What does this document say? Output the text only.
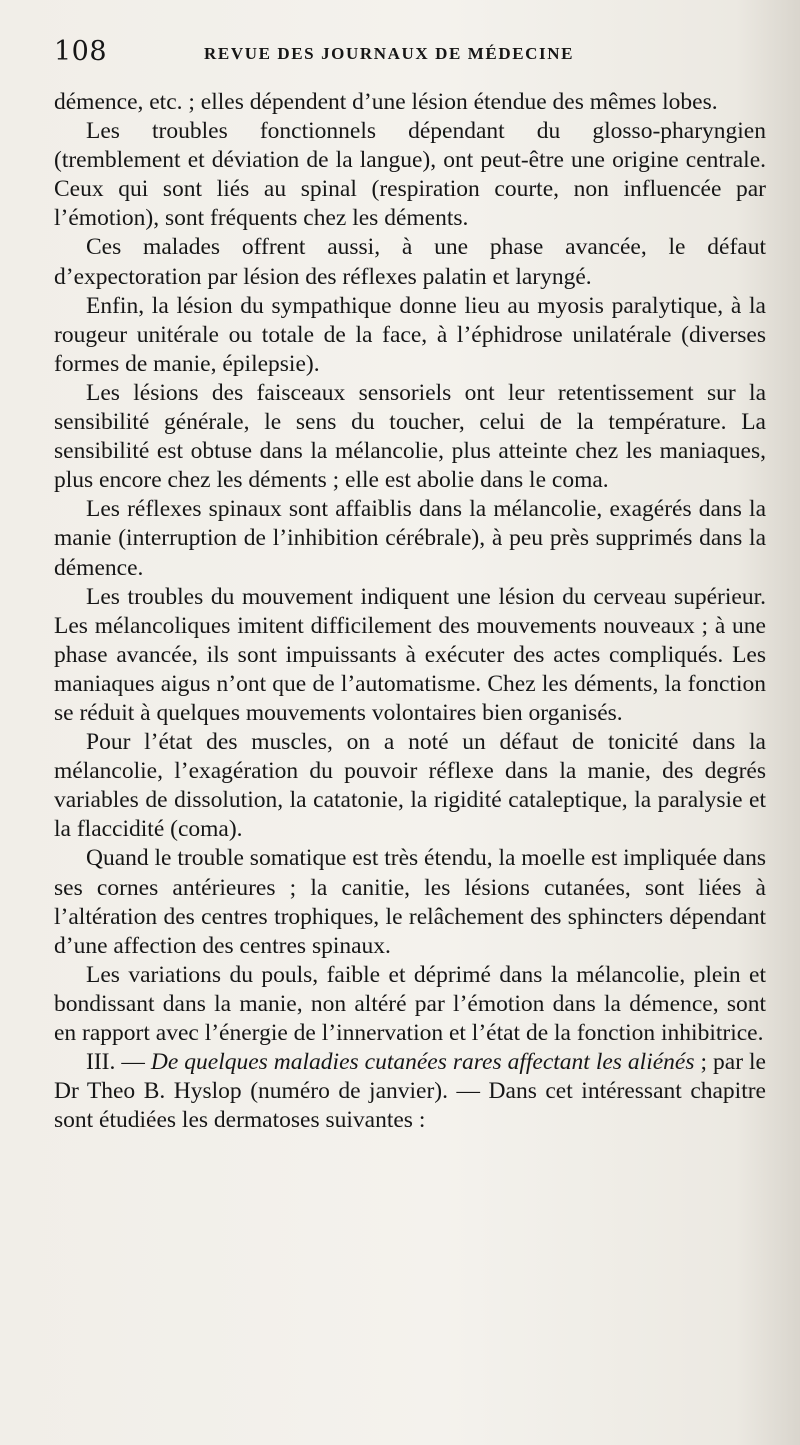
108	REVUE DES JOURNAUX DE MÉDECINE

démence, etc. ; elles dépendent d’une lésion étendue des mêmes lobes.

Les troubles fonctionnels dépendant du glosso-pharyngien (tremblement et déviation de la langue), ont peut-être une origine centrale. Ceux qui sont liés au spinal (respiration courte, non influencée par l’émotion), sont fréquents chez les déments.

Ces malades offrent aussi, à une phase avancée, le défaut d’expectoration par lésion des réflexes palatin et laryngé.

Enfin, la lésion du sympathique donne lieu au myosis paralytique, à la rougeur unitérale ou totale de la face, à l’éphidrose unilatérale (diverses formes de manie, épilepsie).

Les lésions des faisceaux sensoriels ont leur retentissement sur la sensibilité générale, le sens du toucher, celui de la température. La sensibilité est obtuse dans la mélancolie, plus atteinte chez les maniaques, plus encore chez les déments ; elle est abolie dans le coma.

Les réflexes spinaux sont affaiblis dans la mélancolie, exagérés dans la manie (interruption de l’inhibition cérébrale), à peu près supprimés dans la démence.

Les troubles du mouvement indiquent une lésion du cerveau supérieur. Les mélancoliques imitent difficilement des mouvements nouveaux ; à une phase avancée, ils sont impuissants à exécuter des actes compliqués. Les maniaques aigus n’ont que de l’automatisme. Chez les déments, la fonction se réduit à quelques mouvements volontaires bien organisés.

Pour l’état des muscles, on a noté un défaut de tonicité dans la mélancolie, l’exagération du pouvoir réflexe dans la manie, des degrés variables de dissolution, la catatonie, la rigidité cataleptique, la paralysie et la flaccidité (coma).

Quand le trouble somatique est très étendu, la moelle est impliquée dans ses cornes antérieures ; la canitie, les lésions cutanées, sont liées à l’altération des centres trophiques, le relâchement des sphincters dépendant d’une affection des centres spinaux.

Les variations du pouls, faible et déprimé dans la mélancolie, plein et bondissant dans la manie, non altéré par l’émotion dans la démence, sont en rapport avec l’énergie de l’innervation et l’état de la fonction inhibitrice.

III. — De quelques maladies cutanées rares affectant les aliénés ; par le Dr Theo B. Hyslop (numéro de janvier). — Dans cet intéressant chapitre sont étudiées les dermatoses suivantes :
